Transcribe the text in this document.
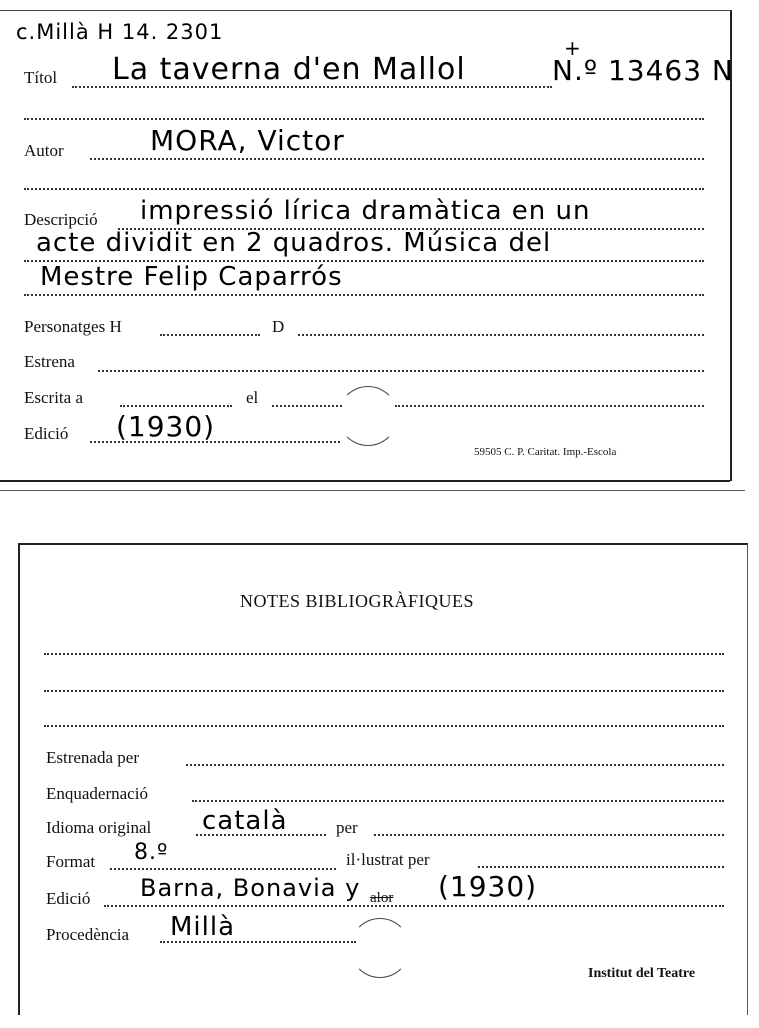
c.Millà H 14. 2301
Títol La taverna d'en Mallol
+
N.º 13463 N
Autor	MORA, Victor
Descripció impressió lírica dramàtica en un
acte dividit en 2 quadros. Música del
Mestre Felip Caparrós
Personatges H	D
Estrena
Escrita a	el
Edició (1930)
59505 C. P. Caritat. Imp.-Escola
NOTES BIBLIOGRÀFIQUES
Estrenada per
Enquadernació
Idioma original català	per
Format 8.º	il·lustrat per
Edició Barna, Bonavia y alor (1930)
Procedència Millà
Institut del Teatre
